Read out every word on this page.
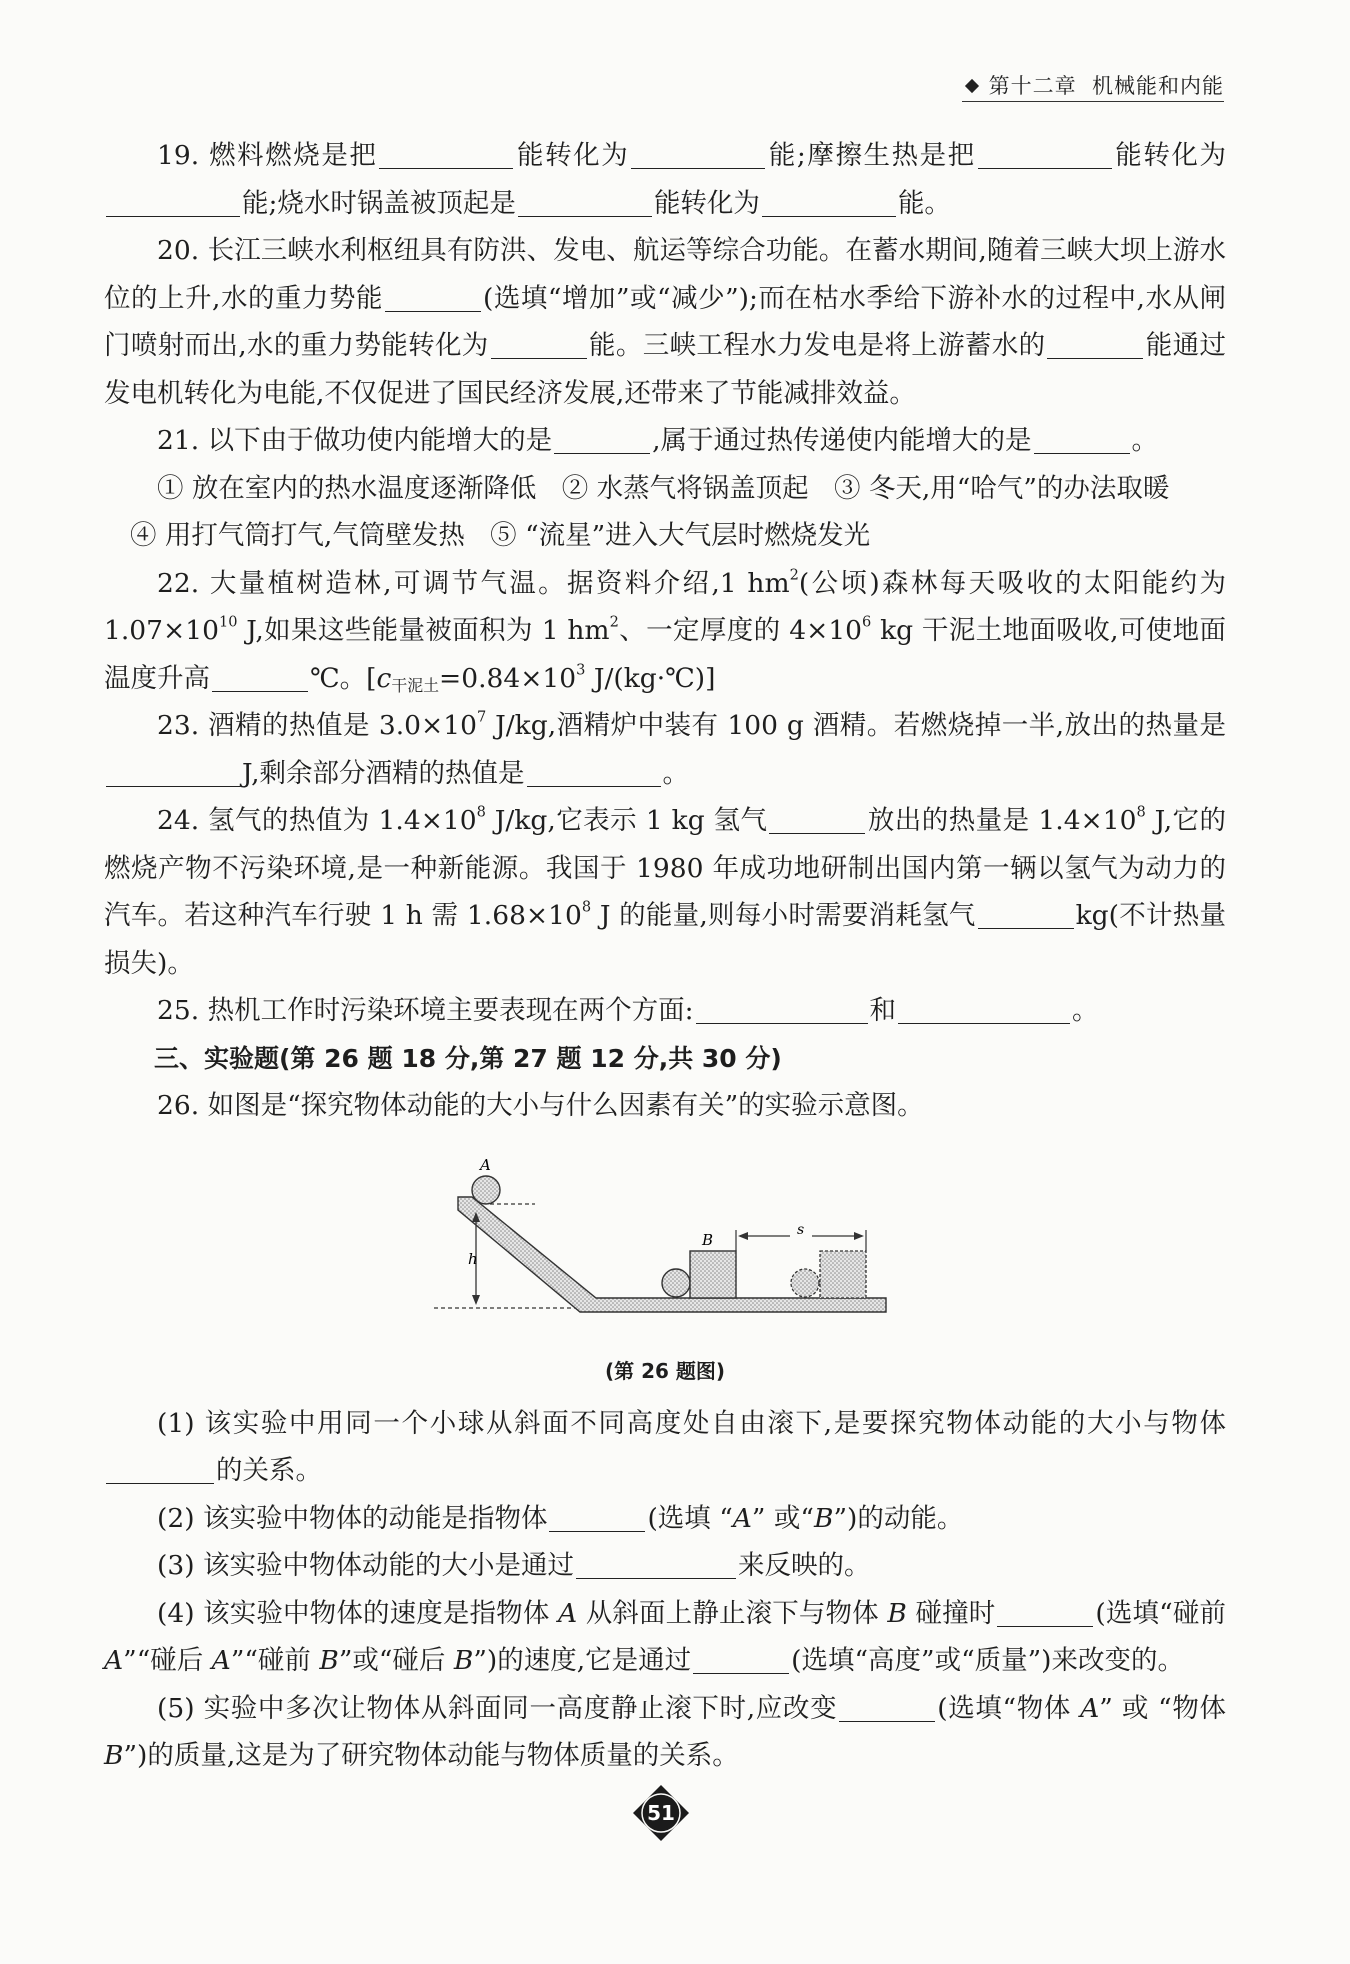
第十二章 机械能和内能

19. 燃料燃烧是把	能转化为	能;摩擦生热是把	能转化为能;烧水时锅盖被顶起是	能转化为	能。

20. 长江三峡水利枢纽具有防洪、发电、航运等综合功能。在蓄水期间,随着三峡大坝上游水位的上升,水的重力势能	(选填“增加”或“减少”);而在枯水季给下游补水的过程中,水从闸门喷射而出,水的重力势能转化为	能。三峡工程水力发电是将上游蓄水的	能通过发电机转化为电能,不仅促进了国民经济发展,还带来了节能减排效益。

21. 以下由于做功使内能增大的是	,属于通过热传递使内能增大的是	。

① 放在室内的热水温度逐渐降低 ② 水蒸气将锅盖顶起 ③ 冬天,用“哈气”的办法取暖

④ 用打气筒打气,气筒壁发热 ⑤ “流星”进入大气层时燃烧发光

22. 大量植树造林,可调节气温。据资料介绍,1 $hm^2$(公顷)森林每天吸收的太阳能约为 $1.07\times 10^{10}$ J,如果这些能量被面积为 1 $hm^2$、一定厚度的 $4\times 10^6$ kg 干泥土地面吸收,可使地面温度升高	℃。[$c_{干泥土}=0.84\times 10^3$ J/(kg·℃)]

23. 酒精的热值是 $3.0\times 10^7$ J/kg,酒精炉中装有 100 g 酒精。若燃烧掉一半,放出的热量是J,剩余部分酒精的热值是	。

24. 氢气的热值为 $1.4\times 10^8$ J/kg,它表示 1 kg 氢气	放出的热量是 $1.4\times 10^8$ J,它的燃烧产物不污染环境,是一种新能源。我国于 1980 年成功地研制出国内第一辆以氢气为动力的汽车。若这种汽车行驶 1 h 需 $1.68\times 10^8$ J 的能量,则每小时需要消耗氢气	kg(不计热量损失)。

25. 热机工作时污染环境主要表现在两个方面:	和	。

三、实验题(第 26 题 18 分,第 27 题 12 分,共 30 分)

26. 如图是“探究物体动能的大小与什么因素有关”的实验示意图。

h
A
B
s

(第 26 题图)

(1) 该实验中用同一个小球从斜面不同高度处自由滚下,是要探究物体动能的大小与物体的关系。

(2) 该实验中物体的动能是指物体	(选填 “A” 或“B”)的动能。

(3) 该实验中物体动能的大小是通过	来反映的。

(4) 该实验中物体的速度是指物体 A 从斜面上静止滚下与物体 B 碰撞时	(选填“碰前 A”“碰后 A”“碰前 B”或“碰后 B”)的速度,它是通过	(选填“高度”或“质量”)来改变的。

(5) 实验中多次让物体从斜面同一高度静止滚下时,应改变	(选填“物体 A” 或 “物体 B”)的质量,这是为了研究物体动能与物体质量的关系。

51
